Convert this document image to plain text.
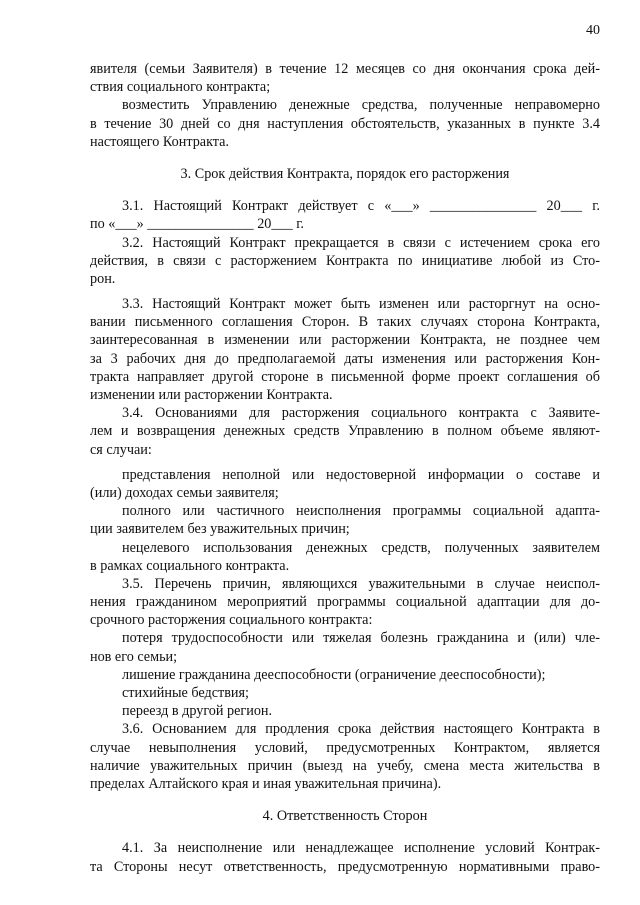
40
явителя (семьи Заявителя) в течение 12 месяцев со дня окончания срока дей-
ствия социального контракта;
возместить Управлению денежные средства, полученные неправомерно
в течение 30 дней со дня наступления обстоятельств, указанных в пункте 3.4
настоящего Контракта.
3. Срок действия Контракта, порядок его расторжения
3.1. Настоящий Контракт действует с «___» _______________ 20___ г.
по «___» _______________ 20___ г.
3.2. Настоящий Контракт прекращается в связи с истечением срока его
действия, в связи с расторжением Контракта по инициативе любой из Сто-
рон.
3.3. Настоящий Контракт может быть изменен или расторгнут на осно-
вании письменного соглашения Сторон. В таких случаях сторона Контракта,
заинтересованная в изменении или расторжении Контракта, не позднее чем
за 3 рабочих дня до предполагаемой даты изменения или расторжения Кон-
тракта направляет другой стороне в письменной форме проект соглашения об
изменении или расторжении Контракта.
3.4. Основаниями для расторжения социального контракта с Заявите-
лем и возвращения денежных средств Управлению в полном объеме являют-
ся случаи:
представления неполной или недостоверной информации о составе и
(или) доходах семьи заявителя;
полного или частичного неисполнения программы социальной адапта-
ции заявителем без уважительных причин;
нецелевого использования денежных средств, полученных заявителем
в рамках социального контракта.
3.5. Перечень причин, являющихся уважительными в случае неиспол-
нения гражданином мероприятий программы социальной адаптации для до-
срочного расторжения социального контракта:
потеря трудоспособности или тяжелая болезнь гражданина и (или) чле-
нов его семьи;
лишение гражданина дееспособности (ограничение дееспособности);
стихийные бедствия;
переезд в другой регион.
3.6. Основанием для продления срока действия настоящего Контракта в
случае невыполнения условий, предусмотренных Контрактом, является
наличие уважительных причин (выезд на учебу, смена места жительства в
пределах Алтайского края и иная уважительная причина).
4. Ответственность Сторон
4.1. За неисполнение или ненадлежащее исполнение условий Контрак-
та Стороны несут ответственность, предусмотренную нормативными право-
